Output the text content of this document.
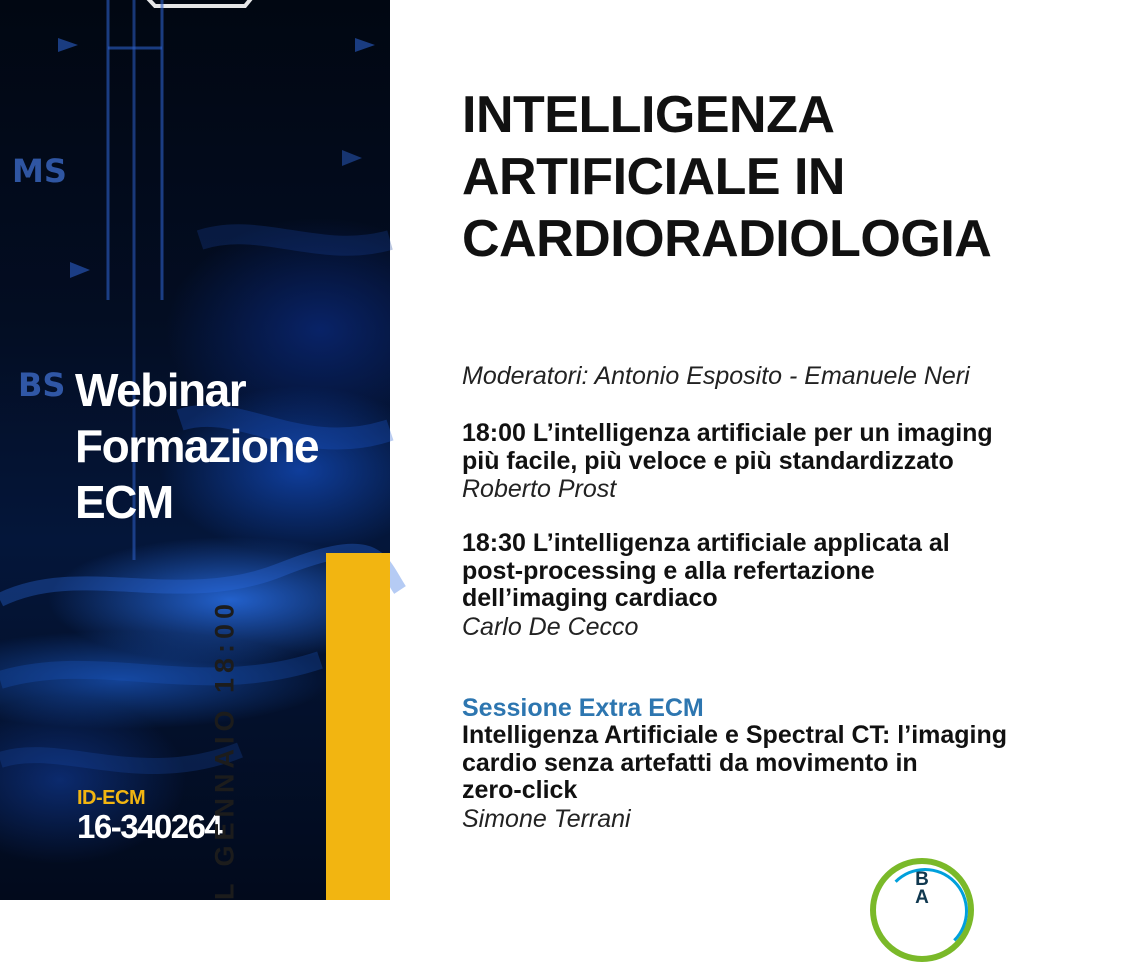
MS
BS Webinar
Formazione
ECM
ID-ECM
16-340264
L GENNAIO 18:00
INTELLIGENZA
ARTIFICIALE IN
CARDIORADIOLOGIA
Moderatori: Antonio Esposito - Emanuele Neri
18:00 L’intelligenza artificiale per un imaging
più facile, più veloce e più standardizzato
Roberto Prost
18:30 L’intelligenza artificiale applicata al
post-processing e alla refertazione
dell’imaging cardiaco
Carlo De Cecco
Sessione Extra ECM
Intelligenza Artificiale e Spectral CT: l’imaging
cardio senza artefatti da movimento in
zero-click
Simone Terrani
B
A
